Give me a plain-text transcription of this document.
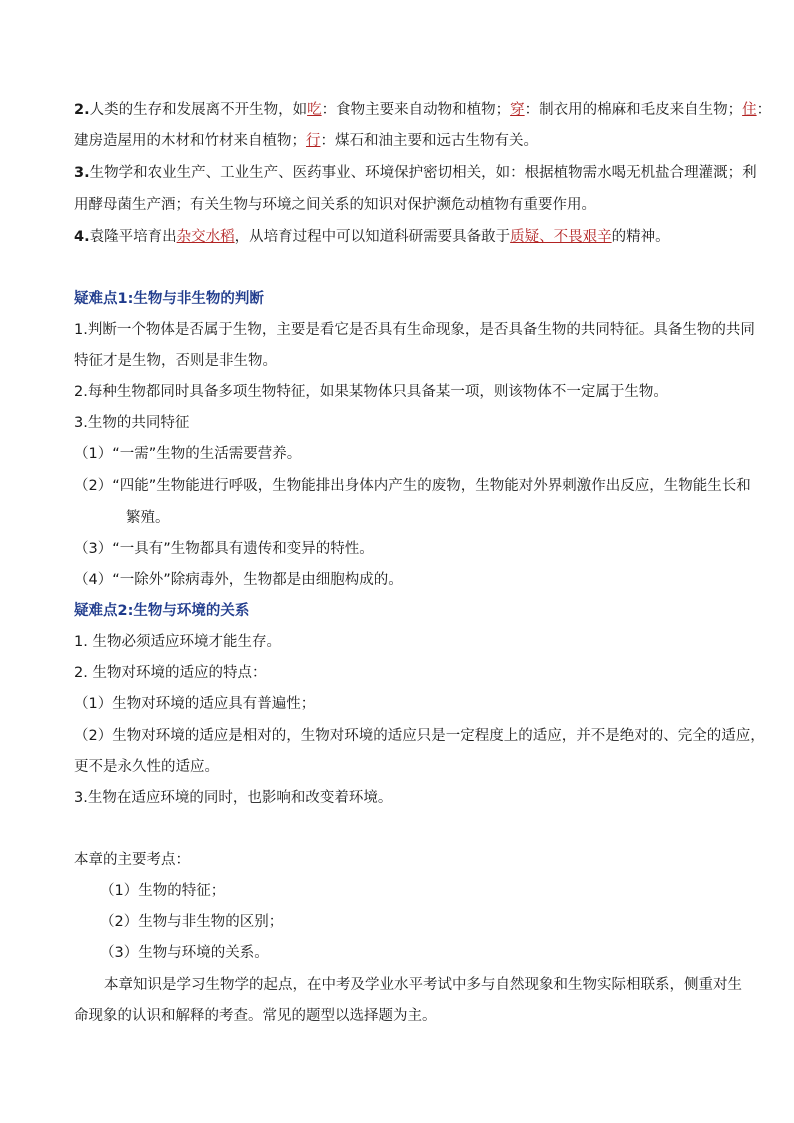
2.人类的生存和发展离不开生物，如吃：食物主要来自动物和植物；穿：制衣用的棉麻和毛皮来自生物；住：
建房造屋用的木材和竹材来自植物；行：煤石和油主要和远古生物有关。
3.生物学和农业生产、工业生产、医药事业、环境保护密切相关，如：根据植物需水喝无机盐合理灌溉；利
用酵母菌生产酒；有关生物与环境之间关系的知识对保护濒危动植物有重要作用。
4.袁隆平培育出杂交水稻，从培育过程中可以知道科研需要具备敢于质疑、不畏艰辛的精神。
疑难点1:生物与非生物的判断
1.判断一个物体是否属于生物，主要是看它是否具有生命现象，是否具备生物的共同特征。具备生物的共同
特征才是生物，否则是非生物。
2.每种生物都同时具备多项生物特征，如果某物体只具备某一项，则该物体不一定属于生物。
3.生物的共同特征
（1）“一需”生物的生活需要营养。
（2）“四能”生物能进行呼吸，生物能排出身体内产生的废物，生物能对外界刺激作出反应，生物能生长和
繁殖。
（3）“一具有”生物都具有遗传和变异的特性。
（4）“一除外”除病毒外，生物都是由细胞构成的。
疑难点2:生物与环境的关系
1. 生物必须适应环境才能生存。
2. 生物对环境的适应的特点：
（1）生物对环境的适应具有普遍性；
（2）生物对环境的适应是相对的，生物对环境的适应只是一定程度上的适应，并不是绝对的、完全的适应，
更不是永久性的适应。
3.生物在适应环境的同时，也影响和改变着环境。
本章的主要考点：
（1）生物的特征；
（2）生物与非生物的区别；
（3）生物与环境的关系。
本章知识是学习生物学的起点，在中考及学业水平考试中多与自然现象和生物实际相联系，侧重对生
命现象的认识和解释的考查。常见的题型以选择题为主。
